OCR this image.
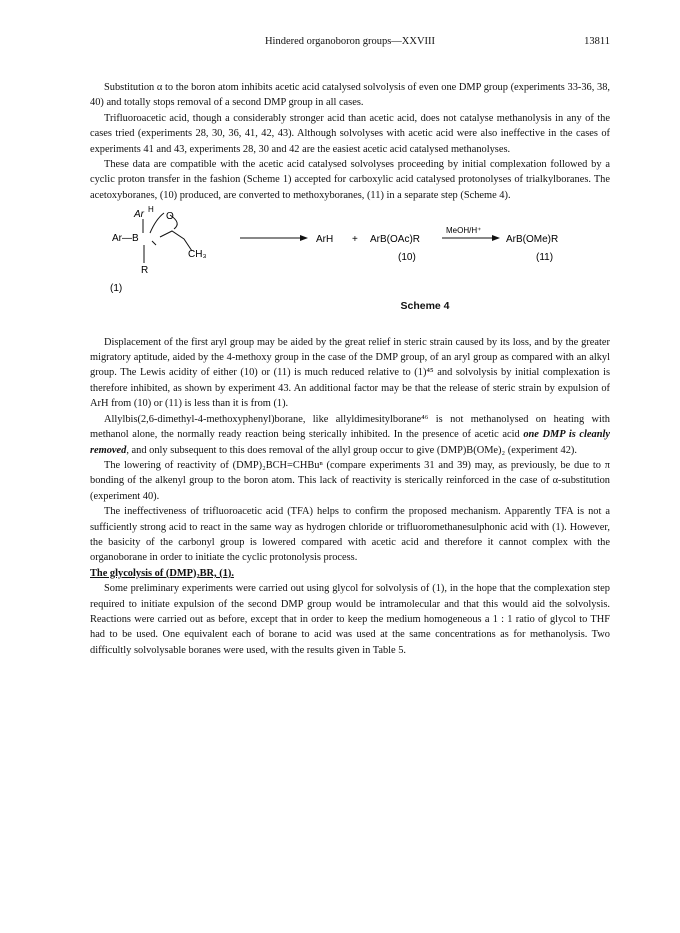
Hindered organoboron groups—XXVIII	13811

Substitution α to the boron atom inhibits acetic acid catalysed solvolysis of even one DMP group (experiments 33-36, 38, 40) and totally stops removal of a second DMP group in all cases.

Trifluoroacetic acid, though a considerably stronger acid than acetic acid, does not catalyse methanolysis in any of the cases tried (experiments 28, 30, 36, 41, 42, 43). Although solvolyses with acetic acid were also ineffective in the cases of experiments 41 and 43, experiments 28, 30 and 42 are the easiest acetic acid catalysed methanolyses.

These data are compatible with the acetic acid catalysed solvolyses proceeding by initial complexation followed by a cyclic proton transfer in the fashion (Scheme 1) accepted for carboxylic acid catalysed protonolyses of trialkylboranes. The acetoxyboranes, (10) produced, are converted to methoxyboranes, (11) in a separate step (Scheme 4).

Ar H
O
Ar—B
CH₃
R
(1)
ArH + ArB(OAc)R
(10)
MeOH/H⁺
ArB(OMe)R
(11)
Scheme 4

Displacement of the first aryl group may be aided by the great relief in steric strain caused by its loss, and by the greater migratory aptitude, aided by the 4-methoxy group in the case of the DMP group, of an aryl group as compared with an alkyl group. The Lewis acidity of either (10) or (11) is much reduced relative to (1)⁴⁵ and solvolysis by initial complexation is therefore inhibited, as shown by experiment 43. An additional factor may be that the release of steric strain by expulsion of ArH from (10) or (11) is less than it is from (1).

Allylbis(2,6-dimethyl-4-methoxyphenyl)borane, like allyldimesitylborane⁴⁶ is not methanolysed on heating with methanol alone, the normally ready reaction being sterically inhibited. In the presence of acetic acid one DMP is cleanly removed, and only subsequent to this does removal of the allyl group occur to give (DMP)B(OMe)₂ (experiment 42).

The lowering of reactivity of (DMP)₂BCH=CHBuⁿ (compare experiments 31 and 39) may, as previously, be due to π bonding of the alkenyl group to the boron atom. This lack of reactivity is sterically reinforced in the case of α-substitution (experiment 40).

The ineffectiveness of trifluoroacetic acid (TFA) helps to confirm the proposed mechanism. Apparently TFA is not a sufficiently strong acid to react in the same way as hydrogen chloride or trifluoromethanesulphonic acid with (1). However, the basicity of the carbonyl group is lowered compared with acetic acid and therefore it cannot complex with the organoborane in order to initiate the cyclic protonolysis process.

The glycolysis of (DMP)₂BR, (1).

Some preliminary experiments were carried out using glycol for solvolysis of (1), in the hope that the complexation step required to initiate expulsion of the second DMP group would be intramolecular and that this would aid the solvolysis. Reactions were carried out as before, except that in order to keep the medium homogeneous a 1 : 1 ratio of glycol to THF had to be used. One equivalent each of borane to acid was used at the same concentrations as for methanolysis. Two difficultly solvolysable boranes were used, with the results given in Table 5.
